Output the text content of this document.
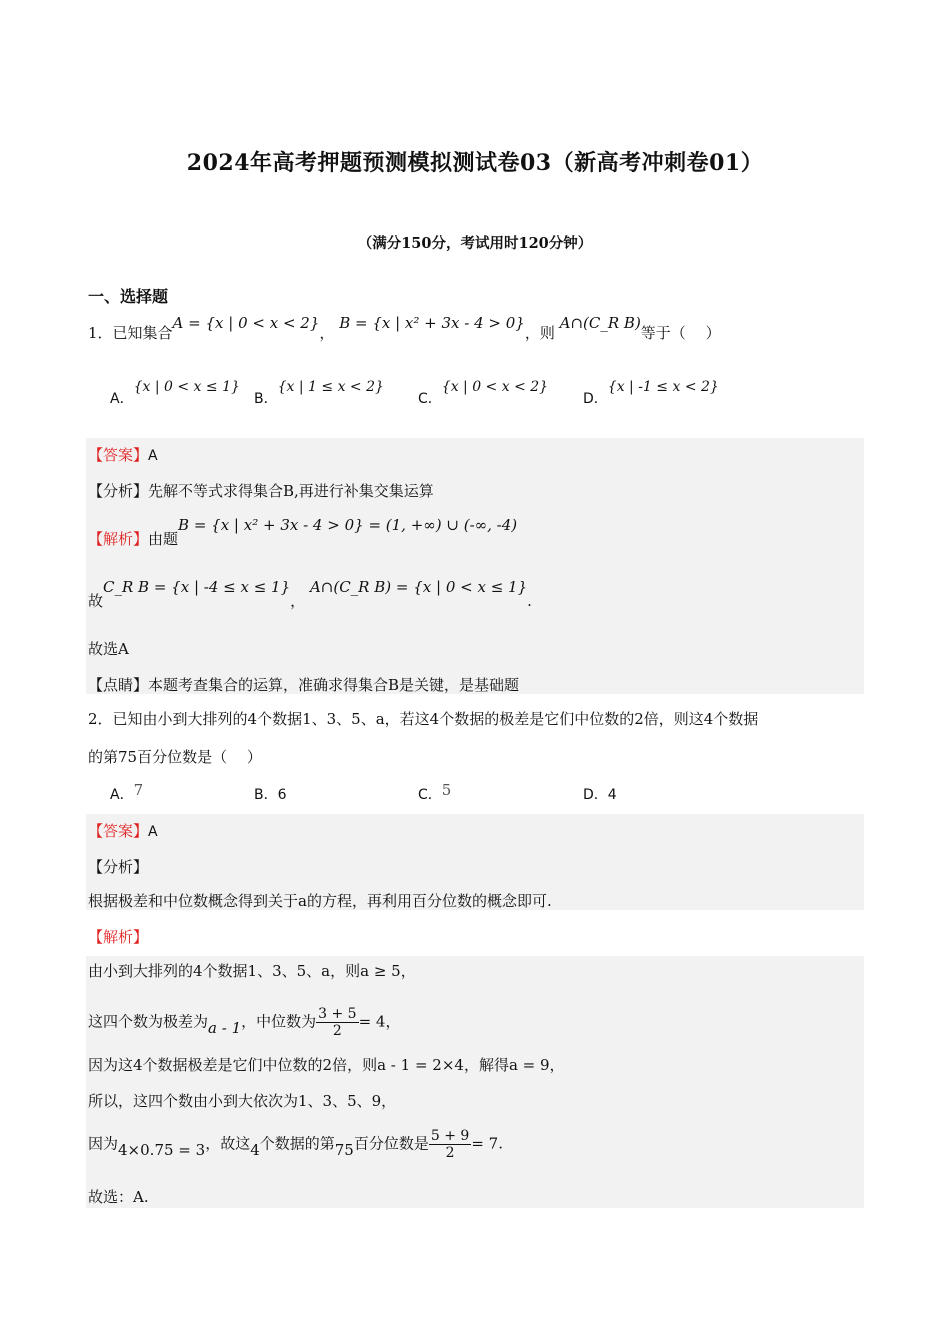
2024年高考押题预测模拟测试卷03（新高考冲刺卷01）
（满分150分，考试用时120分钟）
一、选择题
1．已知集合A = {x | 0 < x < 2}， B = {x | x² + 3x - 4 > 0}，则 A∩(C_R B)等于（　 ）
A．{x | 0 < x ≤ 1}
B．{x | 1 ≤ x < 2}
C．{x | 0 < x < 2}
D．{x | -1 ≤ x < 2}
【答案】A
【分析】先解不等式求得集合B,再进行补集交集运算
【解析】由题B = {x | x² + 3x - 4 > 0} = (1, +∞) ∪ (-∞, -4)
故C_R B = {x | -4 ≤ x ≤ 1}， A∩(C_R B) = {x | 0 < x ≤ 1}.
故选A
【点睛】本题考查集合的运算，准确求得集合B是关键，是基础题
2．已知由小到大排列的4个数据1、3、5、a，若这4个数据的极差是它们中位数的2倍，则这4个数据
的第75百分位数是（　 ）
A．7	B．6	C．5	D．4
【答案】A
【分析】
根据极差和中位数概念得到关于a的方程，再利用百分位数的概念即可.
【解析】
由小到大排列的4个数据1、3、5、a，则a ≥ 5，
这四个数为极差为a - 1，中位数为 $\frac{3 + 5}{2} = 4$，
因为这4个数据极差是它们中位数的2倍，则a - 1 = 2×4，解得a = 9，
所以，这四个数由小到大依次为1、3、5、9，
因为4×0.75 = 3，故这4个数据的第75百分位数是 $\frac{5 + 9}{2} = 7$.
故选：A.
